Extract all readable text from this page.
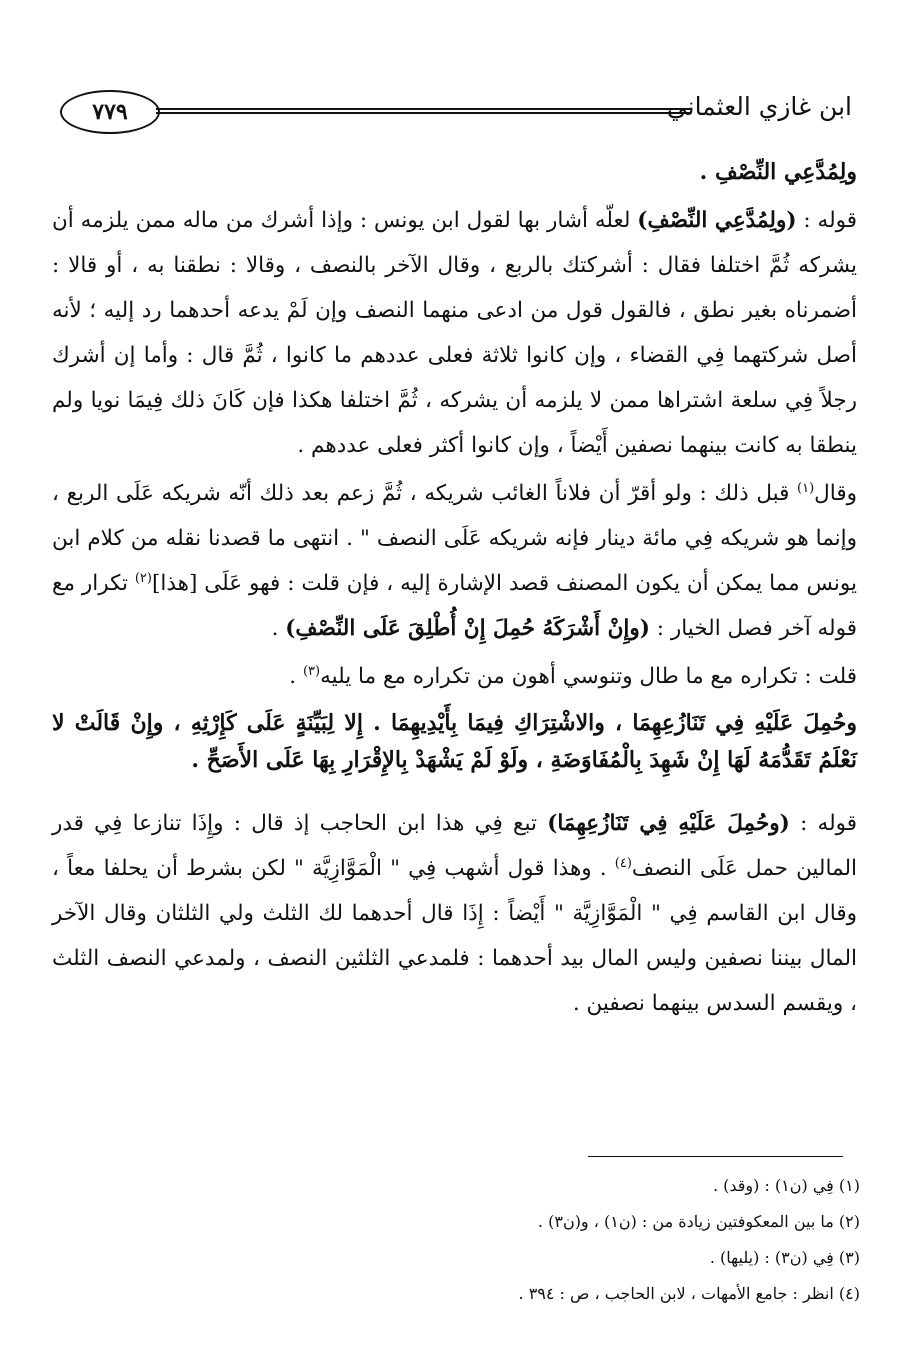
٧٧٩	ابن غازي العثماني

ولِمُدَّعِي النِّصْفِ .

قوله : (ولِمُدَّعِي النِّصْفِ) لعلّه أشار بها لقول ابن يونس : وإذا أشرك من ماله ممن يلزمه أن يشركه ثُمَّ اختلفا فقال : أشركتك بالربع ، وقال الآخر بالنصف ، وقالا : نطقنا به ، أو قالا : أضمرناه بغير نطق ، فالقول قول من ادعى منهما النصف وإن لَمْ يدعه أحدهما رد إليه ؛ لأنه أصل شركتهما فِي القضاء ، وإن كانوا ثلاثة فعلى عددهم ما كانوا ، ثُمَّ قال : وأما إن أشرك رجلاً فِي سلعة اشتراها ممن لا يلزمه أن يشركه ، ثُمَّ اختلفا هكذا فإن كَانَ ذلك فِيمَا نويا ولم ينطقا به كانت بينهما نصفين أَيْضاً ، وإن كانوا أكثر فعلى عددهم .

وقال$^{(١)}$ قبل ذلك : ولو أقرّ أن فلاناً الغائب شريكه ، ثُمَّ زعم بعد ذلك أنّه شريكه عَلَى الربع ، وإنما هو شريكه فِي مائة دينار فإنه شريكه عَلَى النصف " . انتهى ما قصدنا نقله من كلام ابن يونس مما يمكن أن يكون المصنف قصد الإشارة إليه ، فإن قلت : فهو عَلَى [هذا]$^{(٢)}$ تكرار مع قوله آخر فصل الخيار : (وإِنْ أَشْرَكَهُ حُمِلَ إِنْ أُطْلِقَ عَلَى النِّصْفِ) .

قلت : تكراره مع ما طال وتنوسي أهون من تكراره مع ما يليه$^{(٣)}$ .

وحُمِلَ عَلَيْهِ فِي تَنَازُعِهِمَا ، والاشْتِرَاكِ فِيمَا بِأَيْدِيهِمَا . إِلا لِبَيِّنَةٍ عَلَى كَإِرْثِهِ ، وإِنْ قَالَتْ لا نَعْلَمُ تَقَدُّمَهُ لَهَا إِنْ شَهِدَ بِالْمُفَاوَضَةِ ، ولَوْ لَمْ يَشْهَدْ بِالإِقْرَارِ بِهَا عَلَى الأَصَحِّ .

قوله : (وحُمِلَ عَلَيْهِ فِي تَنَازُعِهِمَا) تبع فِي هذا ابن الحاجب إذ قال : وإِذَا تنازعا فِي قدر المالين حمل عَلَى النصف$^{(٤)}$ . وهذا قول أشهب فِي " الْمَوَّازِيَّة " لكن بشرط أن يحلفا معاً ، وقال ابن القاسم فِي " الْمَوَّازِيَّة " أَيْضاً : إِذَا قال أحدهما لك الثلث ولي الثلثان وقال الآخر المال بيننا نصفين وليس المال بيد أحدهما : فلمدعي الثلثين النصف ، ولمدعي النصف الثلث ، ويقسم السدس بينهما نصفين .

(١) فِي (ن١) : (وقد) .
(٢) ما بين المعكوفتين زيادة من : (ن١) ، و(ن٣) .
(٣) فِي (ن٣) : (يليها) .
(٤) انظر : جامع الأمهات ، لابن الحاجب ، ص : ٣٩٤ .
